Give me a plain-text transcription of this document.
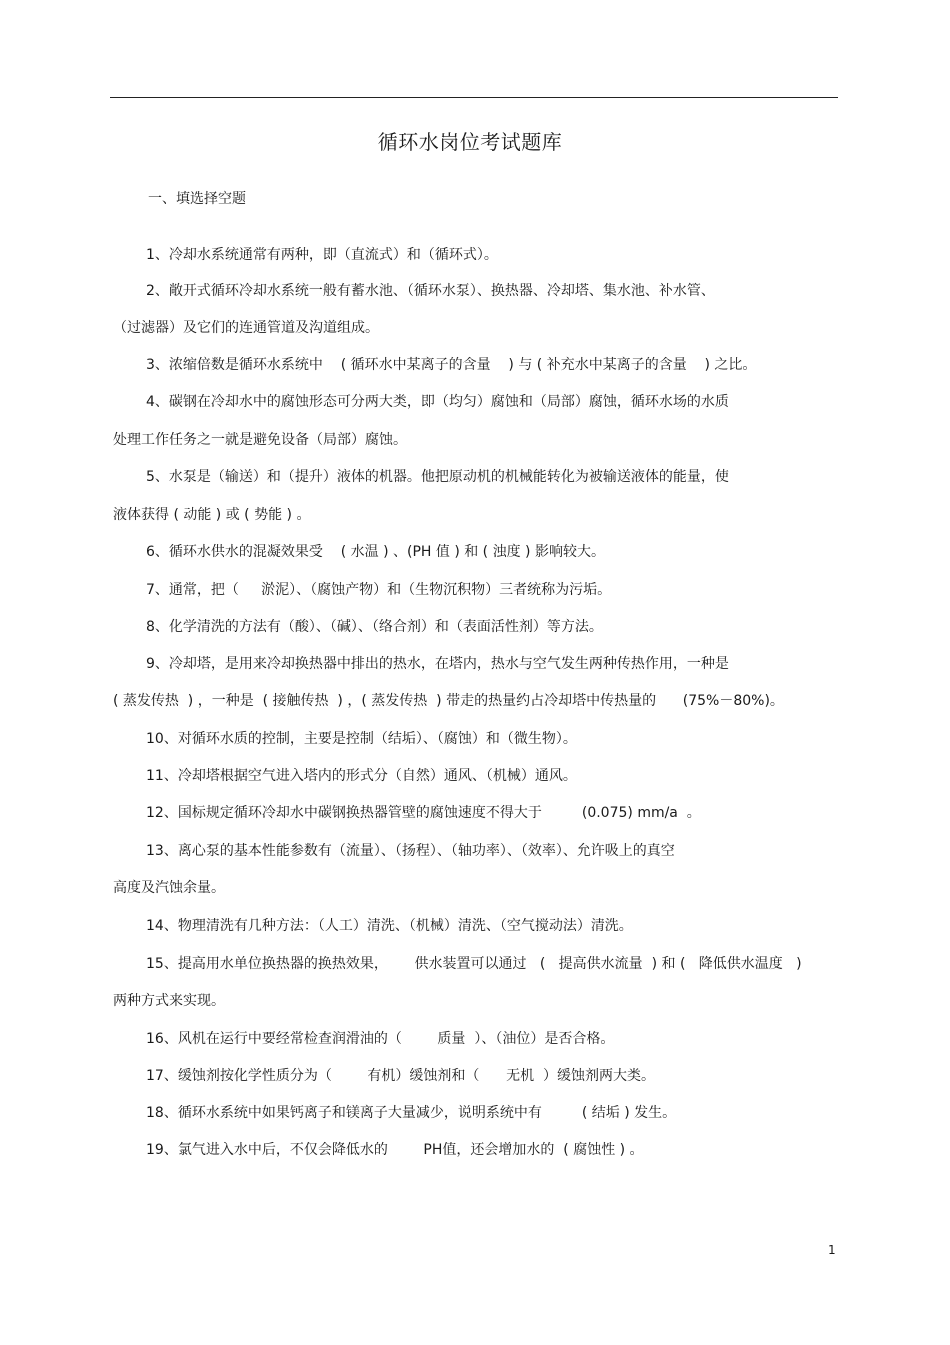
循环水岗位考试题库
一、填选择空题
1、冷却水系统通常有两种，即（直流式）和（循环式）。
2、敞开式循环冷却水系统一般有蓄水池、（循环水泵）、换热器、冷却塔、集水池、补水管、
（过滤器）及它们的连通管道及沟道组成。
3、浓缩倍数是循环水系统中    ( 循环水中某离子的含量    ) 与 ( 补充水中某离子的含量    ) 之比。
4、碳钢在冷却水中的腐蚀形态可分两大类，即（均匀）腐蚀和（局部）腐蚀，循环水场的水质
处理工作任务之一就是避免设备（局部）腐蚀。
5、水泵是（输送）和（提升）液体的机器。他把原动机的机械能转化为被输送液体的能量，使
液体获得 ( 动能 ) 或 ( 势能 ) 。
6、循环水供水的混凝效果受    ( 水温 ) 、(PH 值 ) 和 ( 浊度 ) 影响较大。
7、通常，把（     淤泥）、（腐蚀产物）和（生物沉积物）三者统称为污垢。
8、化学清洗的方法有（酸）、（碱）、（络合剂）和（表面活性剂）等方法。
9、冷却塔，是用来冷却换热器中排出的热水，在塔内，热水与空气发生两种传热作用，一种是
( 蒸发传热  ) ，一种是  ( 接触传热  ) ，( 蒸发传热  ) 带走的热量约占冷却塔中传热量的      (75%－80%)。
10、对循环水质的控制，主要是控制（结垢）、（腐蚀）和（微生物）。
11、冷却塔根据空气进入塔内的形式分（自然）通风、（机械）通风。
12、国标规定循环冷却水中碳钢换热器管壁的腐蚀速度不得大于         (0.075) mm/a  。
13、离心泵的基本性能参数有（流量）、（扬程）、（轴功率）、（效率）、允许吸上的真空
高度及汽蚀余量。
14、物理清洗有几种方法：（人工）清洗、（机械）清洗、（空气搅动法）清洗。
15、提高用水单位换热器的换热效果，      供水装置可以通过   (   提高供水流量  ) 和 (   降低供水温度   )
两种方式来实现。
16、风机在运行中要经常检查润滑油的（        质量  ）、（油位）是否合格。
17、缓蚀剂按化学性质分为（        有机）缓蚀剂和（      无机  ）缓蚀剂两大类。
18、循环水系统中如果钙离子和镁离子大量减少，说明系统中有         ( 结垢 ) 发生。
19、氯气进入水中后，不仅会降低水的        PH值，还会增加水的  ( 腐蚀性 ) 。
1
